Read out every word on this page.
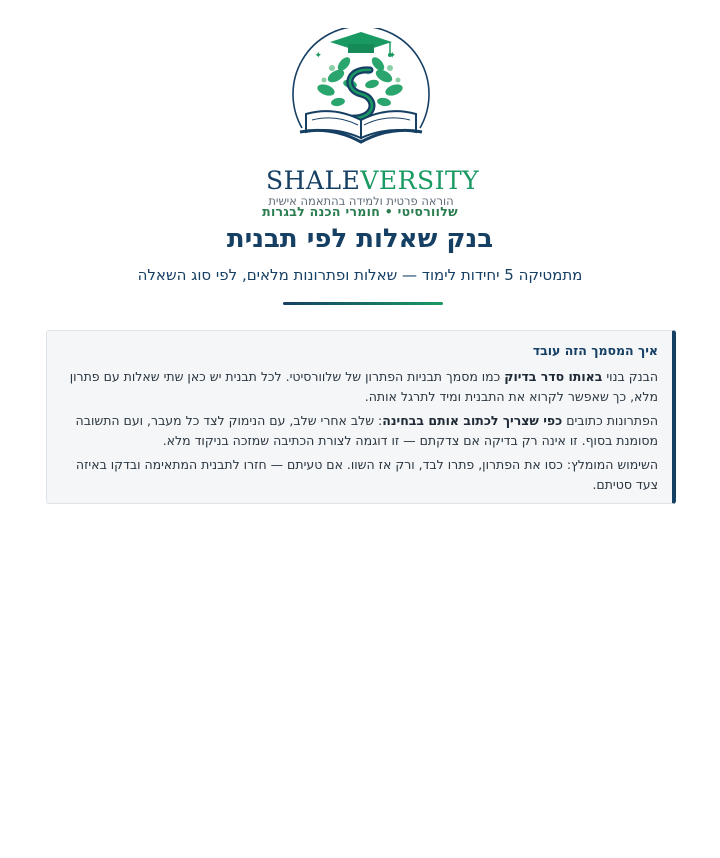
✦	✦
SHALEVERSITY
הוראה פרטית ולמידה בהתאמה אישית
שלוורסיטי • חומרי הכנה לבגרות
בנק שאלות לפי תבנית
מתמטיקה 5 יחידות לימוד — שאלות ופתרונות מלאים, לפי סוג השאלה
איך המסמך הזה עובד

הבנק בנוי באותו סדר בדיוק כמו מסמך תבניות הפתרון של שלוורסיטי. לכל תבנית יש כאן שתי שאלות עם פתרון מלא, כך שאפשר לקרוא את התבנית ומיד לתרגל אותה.

הפתרונות כתובים כפי שצריך לכתוב אותם בבחינה: שלב אחרי שלב, עם הנימוק לצד כל מעבר, ועם התשובה מסומנת בסוף. זו אינה רק בדיקה אם צדקתם — זו דוגמה לצורת הכתיבה שמזכה בניקוד מלא.

השימוש המומלץ: כסו את הפתרון, פתרו לבד, ורק אז השוו. אם טעיתם — חזרו לתבנית המתאימה ובדקו באיזה צעד סטיתם.
